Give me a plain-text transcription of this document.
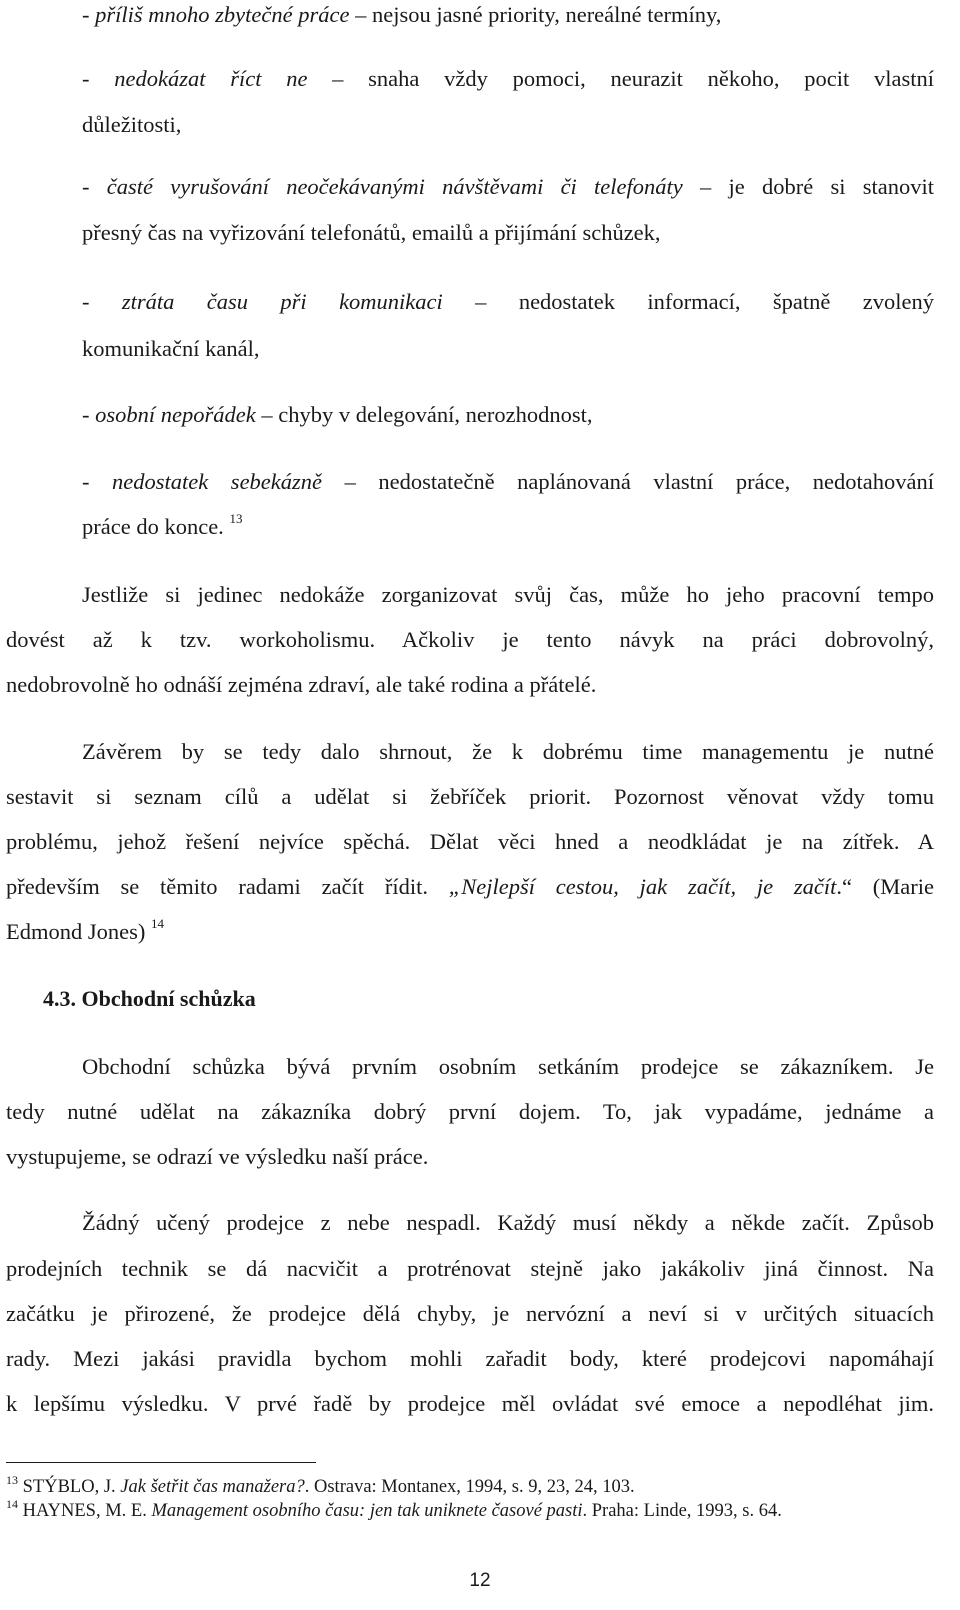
- příliš mnoho zbytečné práce – nejsou jasné priority, nereálné termíny,
- nedokázat říct ne – snaha vždy pomoci, neurazit někoho, pocit vlastní
důležitosti,
- časté vyrušování neočekávanými návštěvami či telefonáty – je dobré si stanovit
přesný čas na vyřizování telefonátů, emailů a přijímání schůzek,
- ztráta času při komunikaci – nedostatek informací, špatně zvolený
komunikační kanál,
- osobní nepořádek – chyby v delegování, nerozhodnost,
- nedostatek sebekázně – nedostatečně naplánovaná vlastní práce, nedotahování
práce do konce. $^{13}$
Jestliže si jedinec nedokáže zorganizovat svůj čas, může ho jeho pracovní tempo
dovést až k tzv. workoholismu. Ačkoliv je tento návyk na práci dobrovolný,
nedobrovolně ho odnáší zejména zdraví, ale také rodina a přátelé.
Závěrem by se tedy dalo shrnout, že k dobrému time managementu je nutné
sestavit si seznam cílů a udělat si žebříček priorit. Pozornost věnovat vždy tomu
problému, jehož řešení nejvíce spěchá. Dělat věci hned a neodkládat je na zítřek. A
především se těmito radami začít řídit. „Nejlepší cestou, jak začít, je začít.“ (Marie
Edmond Jones) $^{14}$
4.3. Obchodní schůzka
Obchodní schůzka bývá prvním osobním setkáním prodejce se zákazníkem. Je
tedy nutné udělat na zákazníka dobrý první dojem. To, jak vypadáme, jednáme a
vystupujeme, se odrazí ve výsledku naší práce.
Žádný učený prodejce z nebe nespadl. Každý musí někdy a někde začít. Způsob
prodejních technik se dá nacvičit a protrénovat stejně jako jakákoliv jiná činnost. Na
začátku je přirozené, že prodejce dělá chyby, je nervózní a neví si v určitých situacích
rady. Mezi jakási pravidla bychom mohli zařadit body, které prodejcovi napomáhají
k lepšímu výsledku. V prvé řadě by prodejce měl ovládat své emoce a nepodléhat jim.
$^{13}$ STÝBLO, J. Jak šetřit čas manažera?. Ostrava: Montanex, 1994, s. 9, 23, 24, 103.
$^{14}$ HAYNES, M. E. Management osobního času: jen tak uniknete časové pasti. Praha: Linde, 1993, s. 64.
12
